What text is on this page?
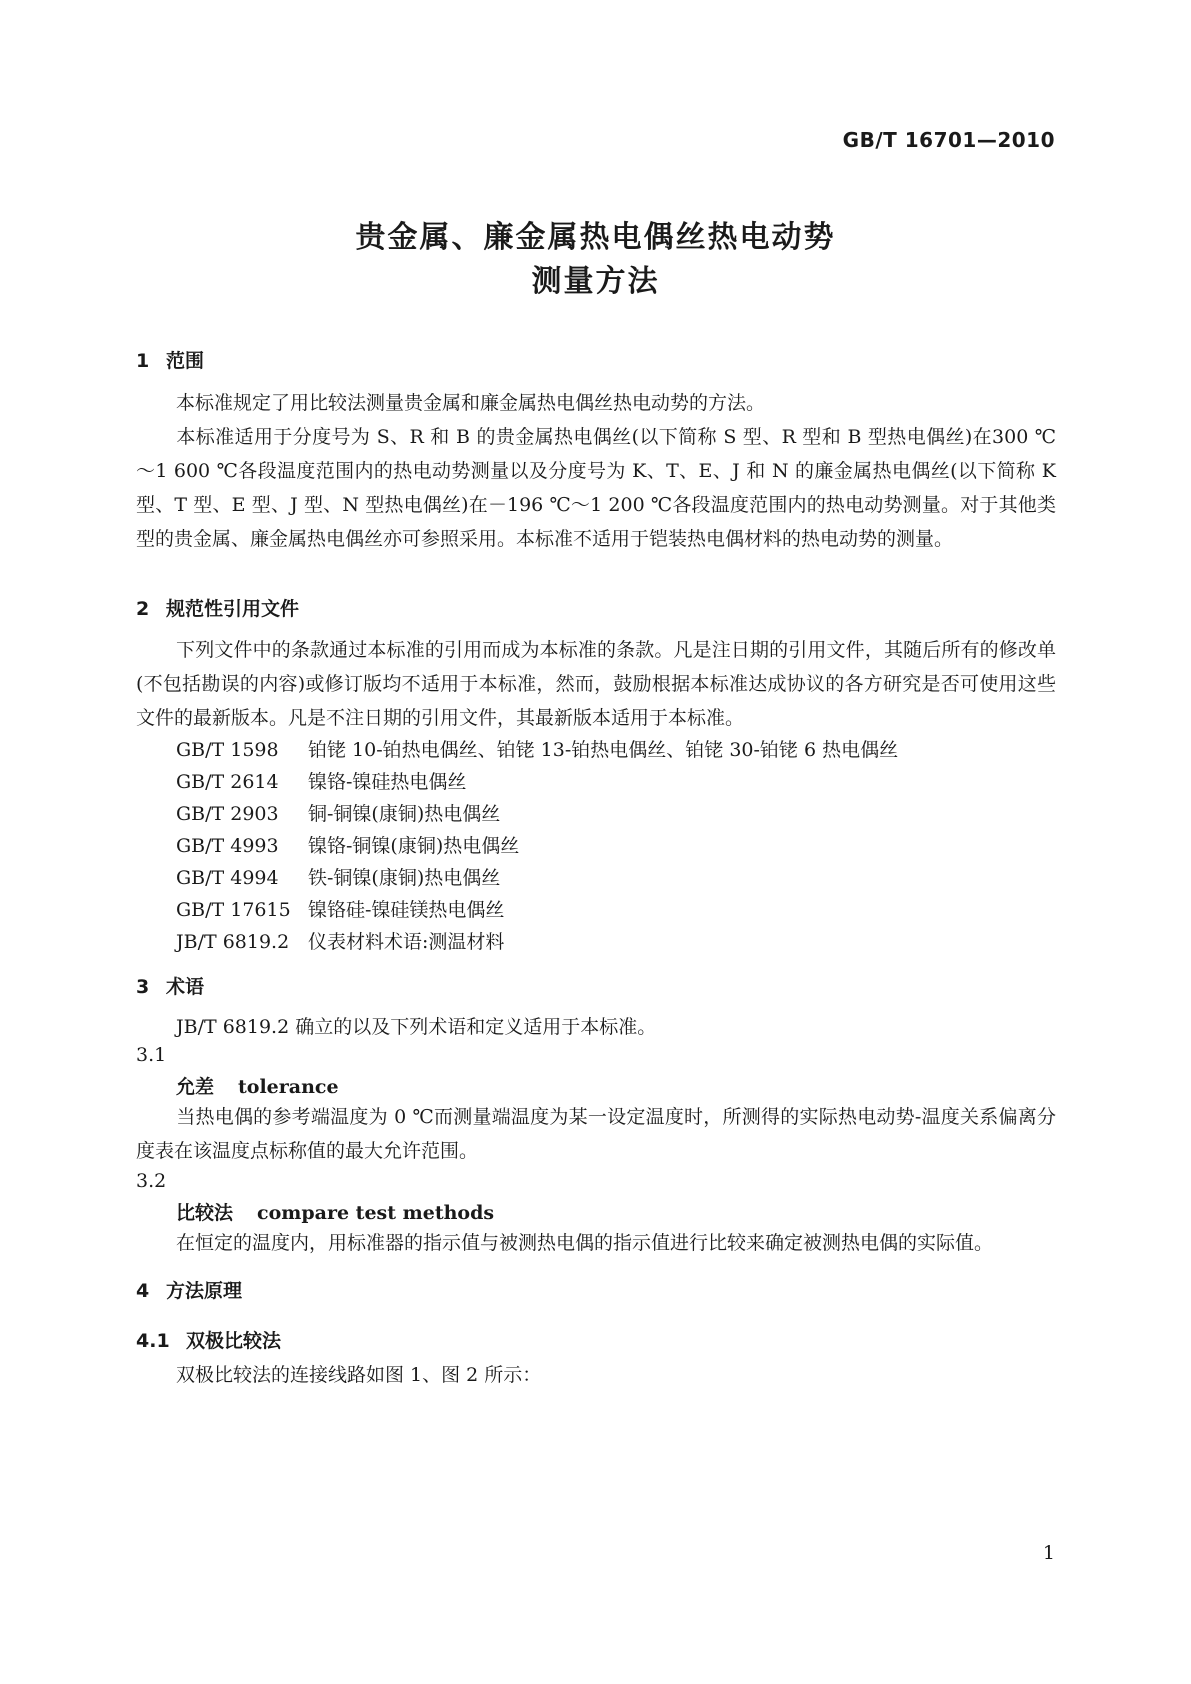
GB/T 16701—2010
贵金属、廉金属热电偶丝热电动势
测量方法
1 范围
本标准规定了用比较法测量贵金属和廉金属热电偶丝热电动势的方法。
本标准适用于分度号为 S、R 和 B 的贵金属热电偶丝(以下简称 S 型、R 型和 B 型热电偶丝)在300 ℃～1 600 ℃各段温度范围内的热电动势测量以及分度号为 K、T、E、J 和 N 的廉金属热电偶丝(以下简称 K 型、T 型、E 型、J 型、N 型热电偶丝)在－196 ℃～1 200 ℃各段温度范围内的热电动势测量。对于其他类型的贵金属、廉金属热电偶丝亦可参照采用。本标准不适用于铠装热电偶材料的热电动势的测量。
2 规范性引用文件
下列文件中的条款通过本标准的引用而成为本标准的条款。凡是注日期的引用文件，其随后所有的修改单(不包括勘误的内容)或修订版均不适用于本标准，然而，鼓励根据本标准达成协议的各方研究是否可使用这些文件的最新版本。凡是不注日期的引用文件，其最新版本适用于本标准。
GB/T 1598 铂铑 10-铂热电偶丝、铂铑 13-铂热电偶丝、铂铑 30-铂铑 6 热电偶丝
GB/T 2614 镍铬-镍硅热电偶丝
GB/T 2903 铜-铜镍(康铜)热电偶丝
GB/T 4993 镍铬-铜镍(康铜)热电偶丝
GB/T 4994 铁-铜镍(康铜)热电偶丝
GB/T 17615 镍铬硅-镍硅镁热电偶丝
JB/T 6819.2 仪表材料术语:测温材料
3 术语
JB/T 6819.2 确立的以及下列术语和定义适用于本标准。
3.1
允差 tolerance
当热电偶的参考端温度为 0 ℃而测量端温度为某一设定温度时，所测得的实际热电动势-温度关系偏离分度表在该温度点标称值的最大允许范围。
3.2
比较法 compare test methods
在恒定的温度内，用标准器的指示值与被测热电偶的指示值进行比较来确定被测热电偶的实际值。
4 方法原理
4.1 双极比较法
双极比较法的连接线路如图 1、图 2 所示：
1
